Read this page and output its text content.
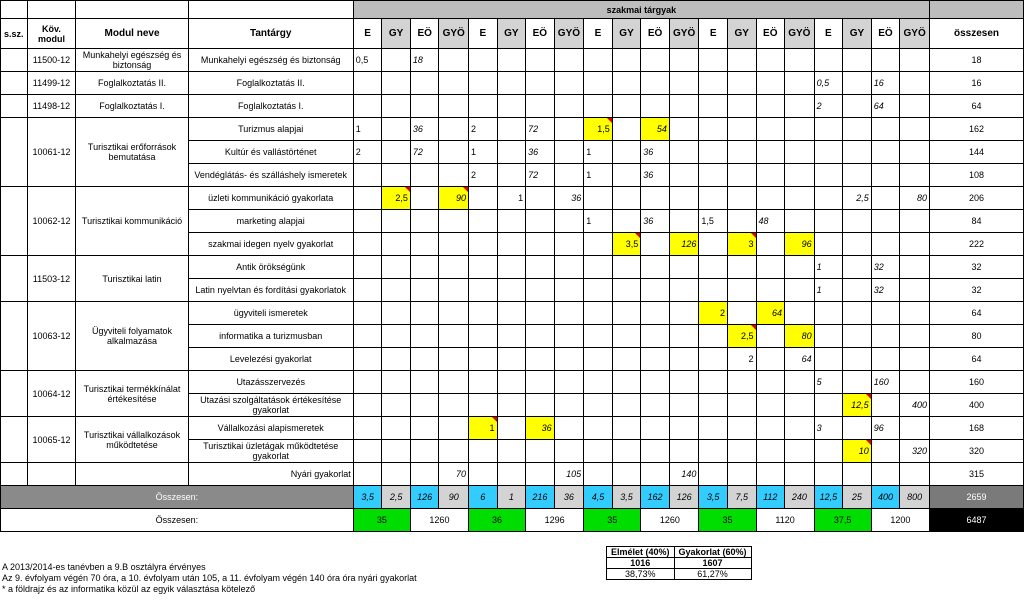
				szakmai tárgyak																				
s.sz.	Köv. modul	Modul neve	Tantárgy	E	GY	EÖ	GYÖ	E	GY	EÖ	GYÖ	E	GY	EÖ	GYÖ	E	GY	EÖ	GYÖ	E	GY	EÖ	GYÖ	összesen
	11500-12	Munkahelyi egészség és biztonság	Munkahelyi egészség és biztonság	0,5		18																		18
	11499-12	Foglalkoztatás II.	Foglalkoztatás II.																	0,5		16		16
	11498-12	Foglalkoztatás I.	Foglalkoztatás I.																	2		64		64
	10061-12	Turisztikai erőforrások bemutatása	Turizmus alapjai	1		36		2		72		1,5		54										162
			Kultúr és vallástörténet	2		72		1		36		1		36										144
			Vendéglátás- és szálláshely ismeretek					2		72		1		36										108
	10062-12	Turisztikai kommunikáció	üzleti kommunikáció gyakorlata		2,5		90		1		36										2,5		80	206
			marketing alapjai									1		36		1,5		48						84
			szakmai idegen nyelv gyakorlat										3,5		126		3		96					222
	11503-12	Turisztikai latin	Antik örökségünk																	1		32		32
			Latin nyelvtan és fordítási gyakorlatok																	1		32		32
	10063-12	Ügyviteli folyamatok alkalmazása	ügyviteli ismeretek													2		64						64
			informatika a turizmusban														2,5		80					80
			Levelezési gyakorlat														2		64					64
	10064-12	Turisztikai termékkínálat értékesítése	Utazásszervezés																	5		160		160
			Utazási szolgáltatások értékesítése gyakorlat																		12,5		400	400
	10065-12	Turisztikai vállalkozások működtetése	Vállalkozási alapismeretek					1		36										3		96		168
			Turisztikai üzletágak működtetése gyakorlat																		10		320	320
			Nyári gyakorlat				70				105				140									315
Összesen:				3,5	2,5	126	90	6	1	216	36	4,5	3,5	162	126	3,5	7,5	112	240	12,5	25	400	800	2659
Összesen:				35		1260		36		1296		35		1260		35		1120		37,5		1200		6487
Elmélet (40%)	Gyakorlat (60%)
1016	1607
38,73%	61,27%
A 2013/2014-es tanévben a 9.B osztályra érvényes
Az 9. évfolyam végén 70 óra, a 10. évfolyam után 105, a 11. évfolyam végén 140 óra óra nyári gyakorlat
* a földrajz és az informatika közül az egyik választása kötelező
